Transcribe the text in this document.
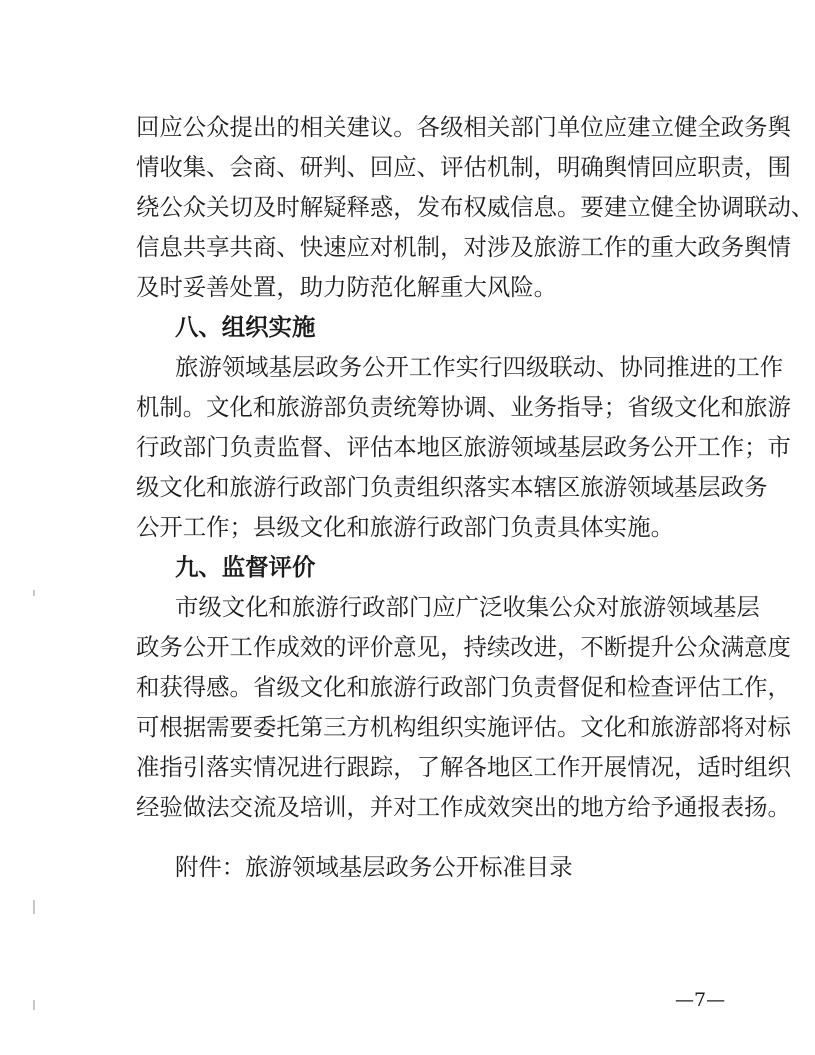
回应公众提出的相关建议。各级相关部门单位应建立健全政务舆
情收集、会商、研判、回应、评估机制，明确舆情回应职责，围
绕公众关切及时解疑释惑，发布权威信息。要建立健全协调联动、
信息共享共商、快速应对机制，对涉及旅游工作的重大政务舆情
及时妥善处置，助力防范化解重大风险。
八、组织实施
旅游领域基层政务公开工作实行四级联动、协同推进的工作
机制。文化和旅游部负责统筹协调、业务指导；省级文化和旅游
行政部门负责监督、评估本地区旅游领域基层政务公开工作；市
级文化和旅游行政部门负责组织落实本辖区旅游领域基层政务
公开工作；县级文化和旅游行政部门负责具体实施。
九、监督评价
市级文化和旅游行政部门应广泛收集公众对旅游领域基层
政务公开工作成效的评价意见，持续改进，不断提升公众满意度
和获得感。省级文化和旅游行政部门负责督促和检查评估工作，
可根据需要委托第三方机构组织实施评估。文化和旅游部将对标
准指引落实情况进行跟踪，了解各地区工作开展情况，适时组织
经验做法交流及培训，并对工作成效突出的地方给予通报表扬。
附件：旅游领域基层政务公开标准目录
—7—
